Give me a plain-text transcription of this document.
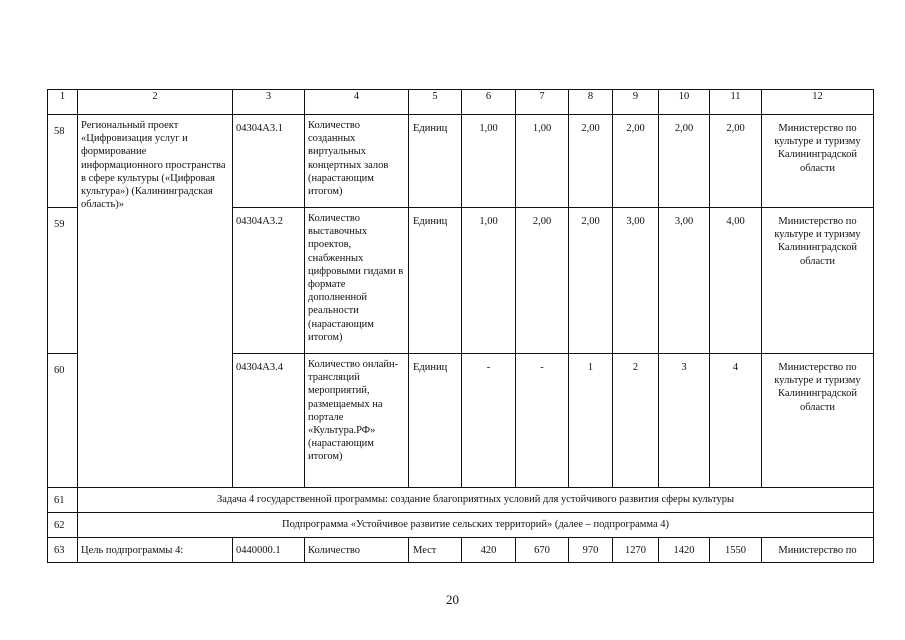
1	2	3	4	5	6	7	8	9	10	11	12
58	Региональный проект «Цифровизация услуг и формирование информационного пространства в сфере культуры («Цифровая культура») (Калининградская область)»	04304А3.1	Количество созданных виртуальных концертных залов (нарастающим итогом)	Единиц	1,00	1,00	2,00	2,00	2,00	2,00	Министерство по культуре и туризму Калининградской области
59		04304А3.2	Количество выставочных проектов, снабженных цифровыми гидами в формате дополненной реальности (нарастающим итогом)	Единиц	1,00	2,00	2,00	3,00	3,00	4,00	Министерство по культуре и туризму Калининградской области
60		04304А3.4	Количество онлайн-трансляций мероприятий, размещаемых на портале «Культура.РФ» (нарастающим итогом)	Единиц	-	-	1	2	3	4	Министерство по культуре и туризму Калининградской области
61	Задача 4 государственной программы: создание благоприятных условий для устойчивого развития сферы культуры										
62	Подпрограмма «Устойчивое развитие сельских территорий» (далее – подпрограмма 4)										
63	Цель подпрограммы 4:	0440000.1	Количество	Мест	420	670	970	1270	1420	1550	Министерство по
20
